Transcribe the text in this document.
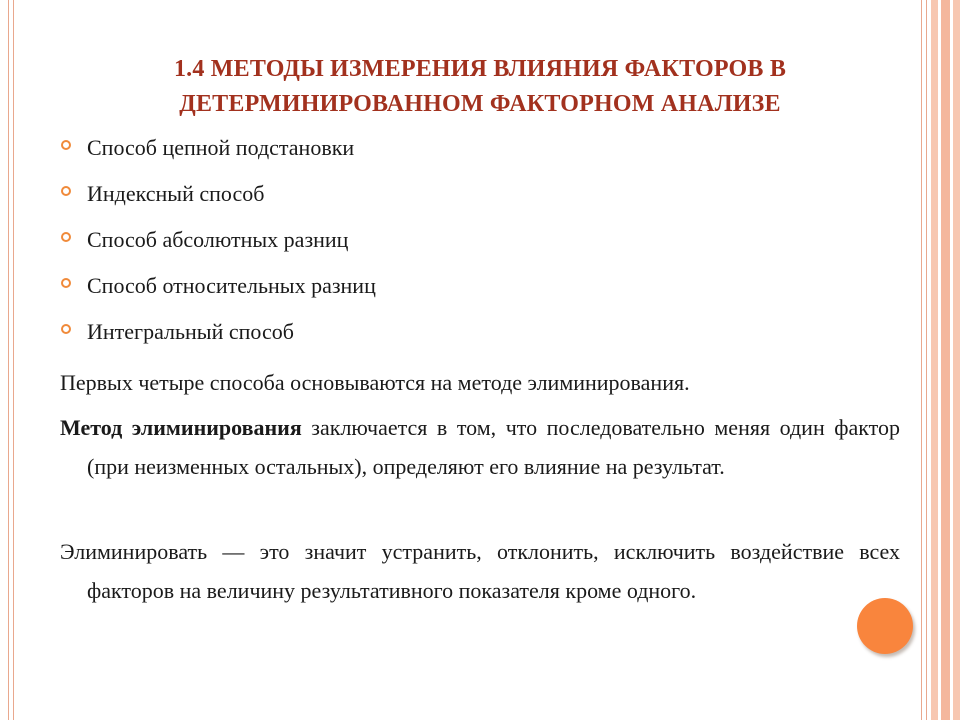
1.4 МЕТОДЫ ИЗМЕРЕНИЯ ВЛИЯНИЯ ФАКТОРОВ В ДЕТЕРМИНИРОВАННОМ ФАКТОРНОМ АНАЛИЗЕ
Способ цепной подстановки
Индексный способ
Способ абсолютных разниц
Способ относительных разниц
Интегральный способ

Первых четыре способа основываются на методе элиминирования.

Метод элиминирования заключается в том, что последовательно меняя один фактор (при неизменных остальных), определяют его влияние на результат.

Элиминировать — это значит устранить, отклонить, исключить воздействие всех факторов на величину результативного показателя кроме одного.
